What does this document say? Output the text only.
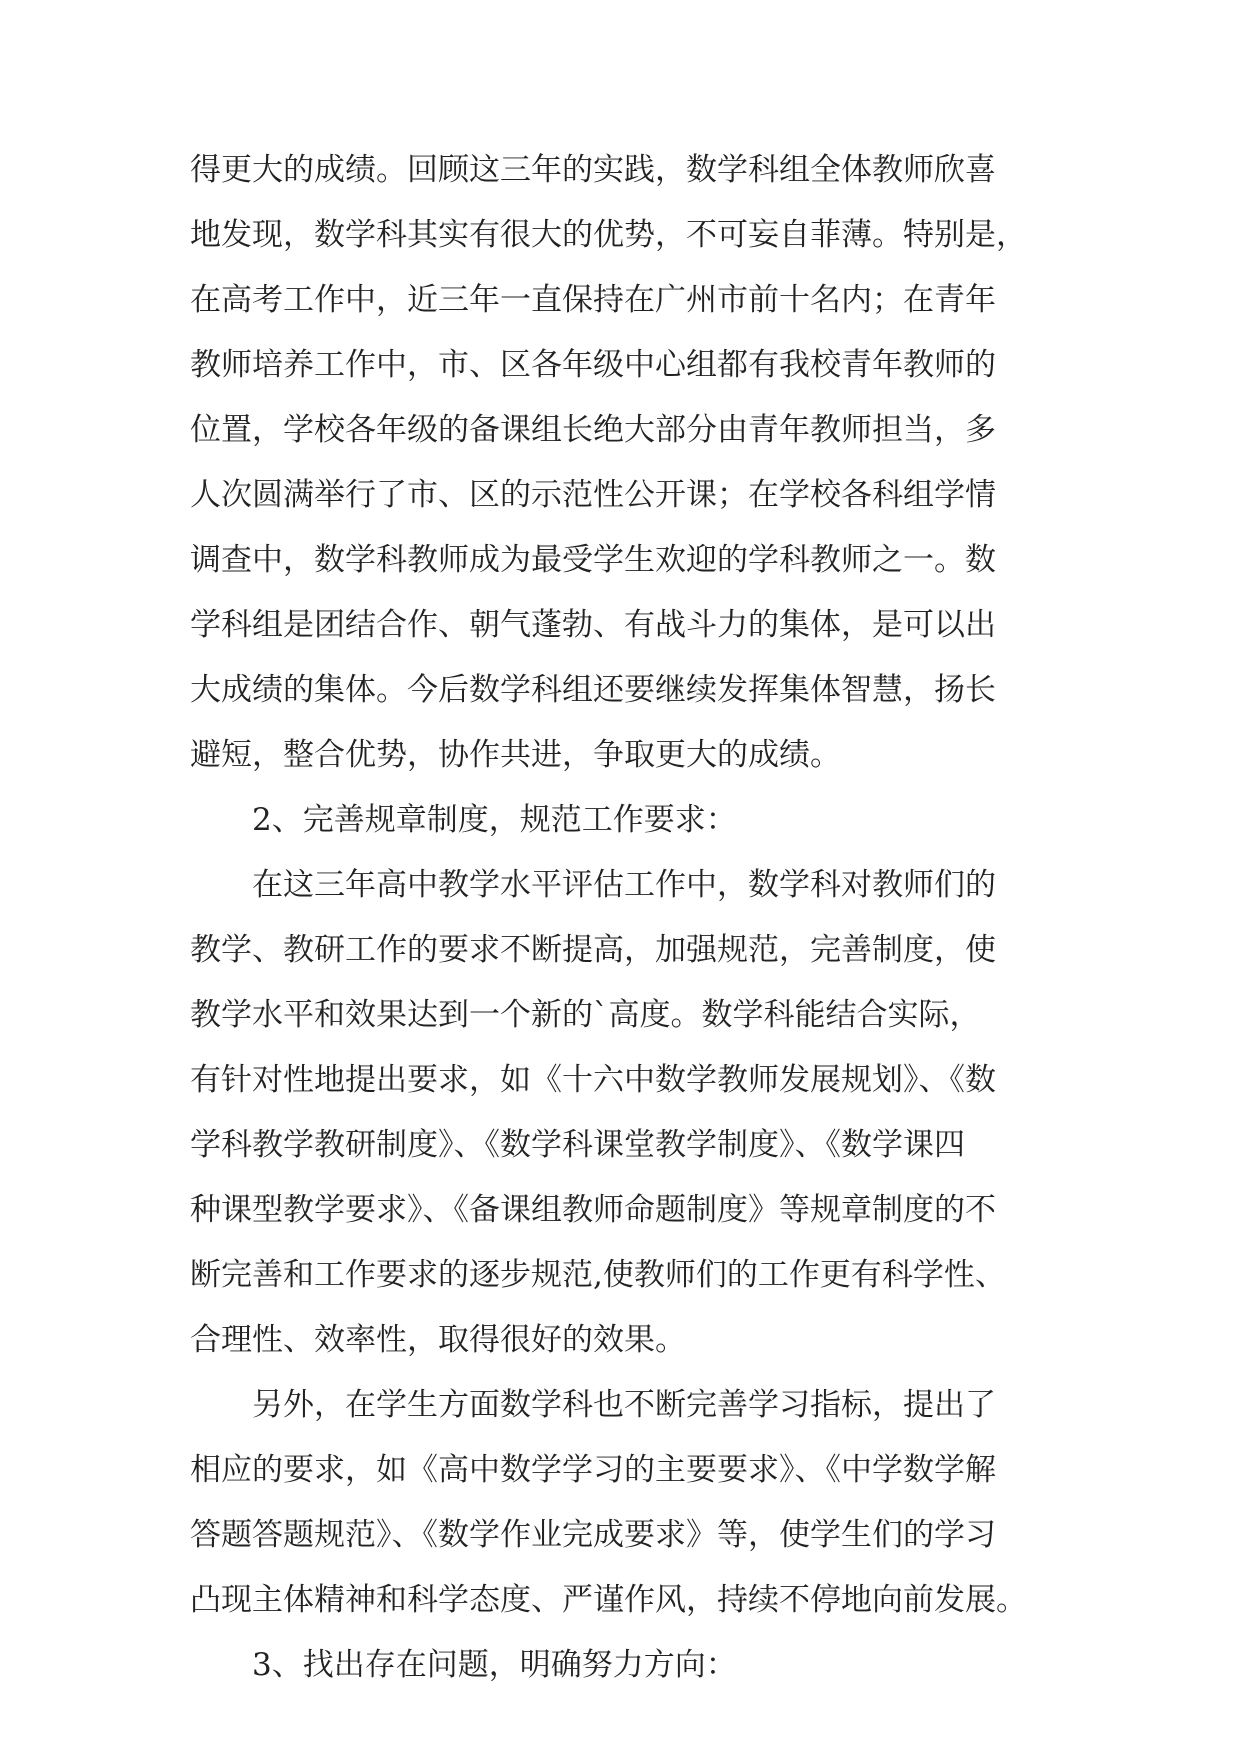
得更大的成绩。回顾这三年的实践，数学科组全体教师欣喜
地发现，数学科其实有很大的优势，不可妄自菲薄。特别是，
在高考工作中，近三年一直保持在广州市前十名内；在青年
教师培养工作中，市、区各年级中心组都有我校青年教师的
位置，学校各年级的备课组长绝大部分由青年教师担当，多
人次圆满举行了市、区的示范性公开课；在学校各科组学情
调查中，数学科教师成为最受学生欢迎的学科教师之一。数
学科组是团结合作、朝气蓬勃、有战斗力的集体，是可以出
大成绩的集体。今后数学科组还要继续发挥集体智慧，扬长
避短，整合优势，协作共进，争取更大的成绩。
2、完善规章制度，规范工作要求：
在这三年高中教学水平评估工作中，数学科对教师们的
教学、教研工作的要求不断提高，加强规范，完善制度，使
教学水平和效果达到一个新的`高度。数学科能结合实际，
有针对性地提出要求，如《十六中数学教师发展规划》、《数
学科教学教研制度》、《数学科课堂教学制度》、《数学课四
种课型教学要求》、《备课组教师命题制度》等规章制度的不
断完善和工作要求的逐步规范,使教师们的工作更有科学性、
合理性、效率性，取得很好的效果。
另外，在学生方面数学科也不断完善学习指标，提出了
相应的要求，如《高中数学学习的主要要求》、《中学数学解
答题答题规范》、《数学作业完成要求》等，使学生们的学习
凸现主体精神和科学态度、严谨作风，持续不停地向前发展。
3、找出存在问题，明确努力方向：
